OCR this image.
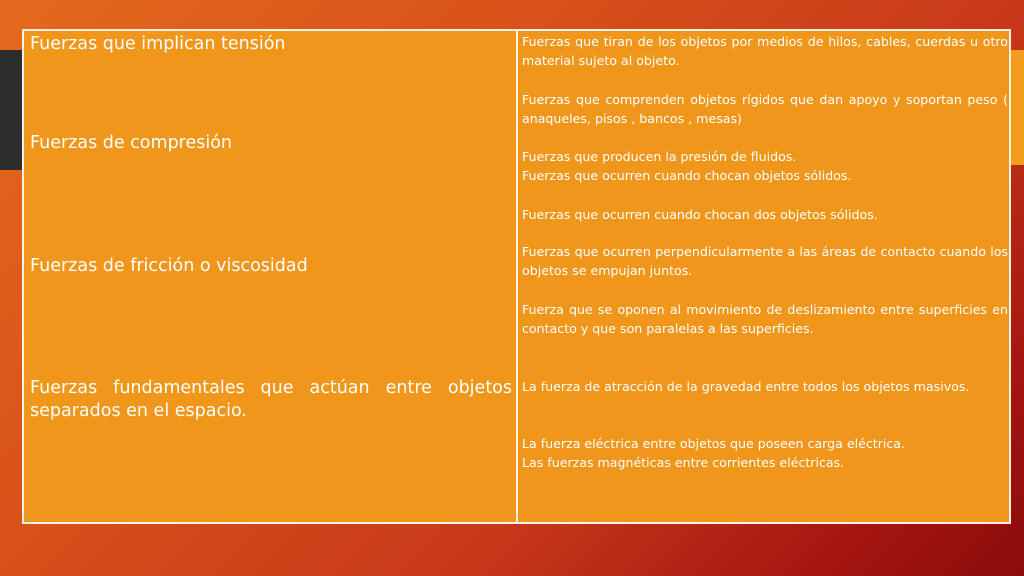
Fuerzas que implican tensión

Fuerzas de compresión

Fuerzas de fricción o viscosidad

Fuerzas fundamentales que actúan entre objetos separados en el espacio.

Fuerzas que tiran de los objetos por medios de hilos, cables, cuerdas u otro material sujeto al objeto.

Fuerzas que comprenden objetos rígidos que dan apoyo y soportan peso ( anaqueles, pisos , bancos , mesas)

Fuerzas que producen la presión de fluidos.

Fuerzas que ocurren cuando chocan objetos sólidos.

Fuerzas que ocurren cuando chocan dos objetos sólidos.

Fuerzas que ocurren perpendicularmente a las áreas de contacto cuando los objetos se empujan juntos.

Fuerza que se oponen al movimiento de deslizamiento entre superficies en contacto y que son paralelas a las superficies.

La fuerza de atracción de la gravedad entre todos los objetos masivos.

La fuerza eléctrica entre objetos que poseen carga eléctrica.

Las fuerzas magnéticas entre corrientes eléctricas.
